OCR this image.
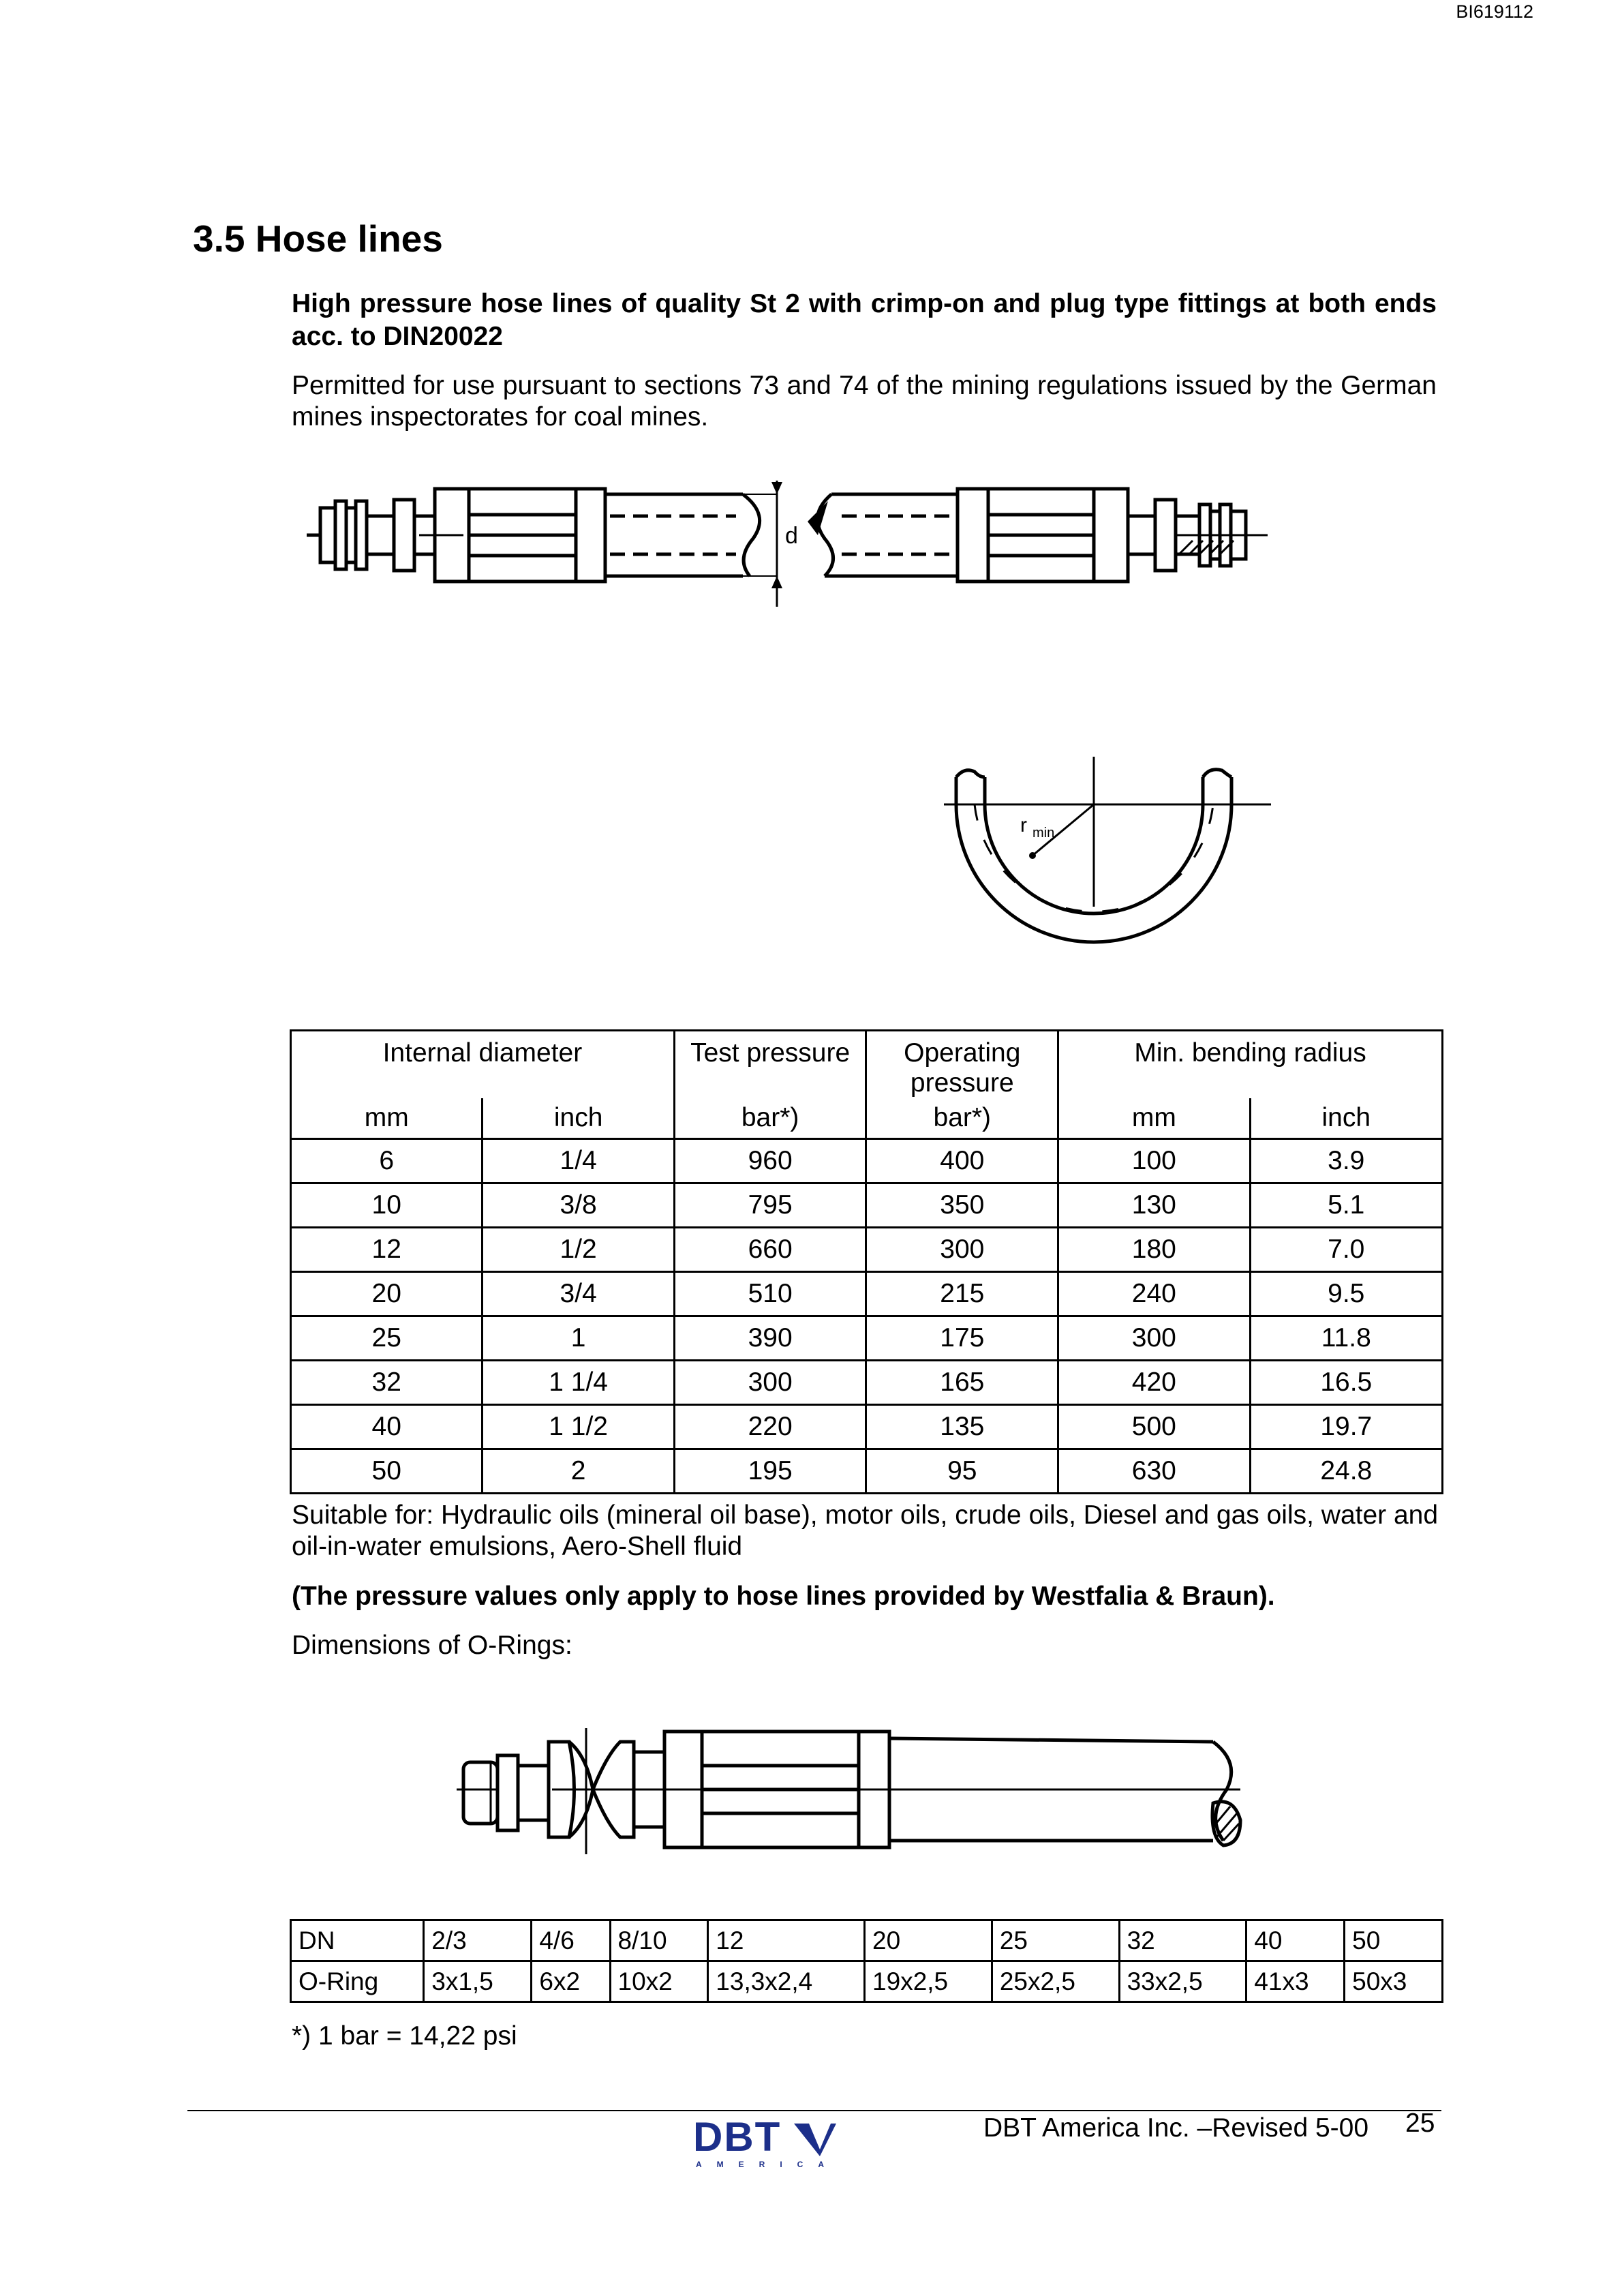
BI619112
3.5 Hose lines

High pressure hose lines of quality St 2 with crimp-on and plug type fittings at both ends acc. to DIN20022

Permitted for use pursuant to sections 73 and 74 of the mining regulations issued by the German mines inspectorates for coal mines.

d
r min
Internal diameter		Test pressure	Operating pressure	Min. bending radius	
mm	inch	bar*)	bar*)	mm	inch
6	1/4	960	400	100	3.9
10	3/8	795	350	130	5.1
12	1/2	660	300	180	7.0
20	3/4	510	215	240	9.5
25	1	390	175	300	11.8
32	1 1/4	300	165	420	16.5
40	1 1/2	220	135	500	19.7
50	2	195	95	630	24.8

Suitable for: Hydraulic oils (mineral oil base), motor oils, crude oils, Diesel and gas oils, water and oil-in-water emulsions, Aero-Shell fluid

(The pressure values only apply to hose lines provided by Westfalia & Braun).

Dimensions of O-Rings:

DN	2/3	4/6	8/10	12	20	25	32	40	50
O-Ring	3x1,5	6x2	10x2	13,3x2,4	19x2,5	25x2,5	33x2,5	41x3	50x3

*) 1 bar = 14,22 psi

DBT
AMERICA
DBT America Inc. –Revised 5-00 25
